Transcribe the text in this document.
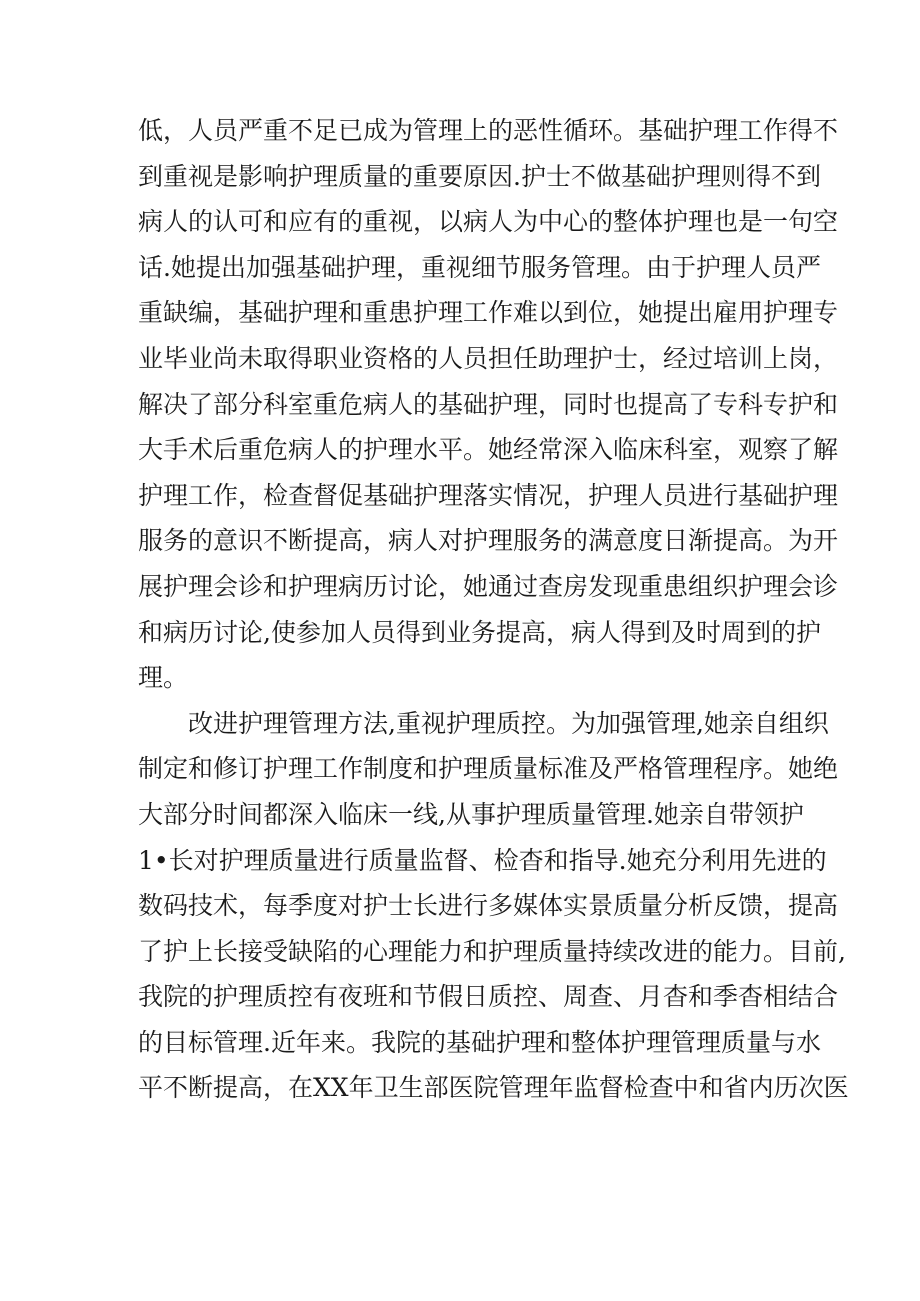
低，人员严重不足已成为管理上的恶性循环。基础护理工作得不
到重视是影响护理质量的重要原因.护士不做基础护理则得不到
病人的认可和应有的重视，以病人为中心的整体护理也是一句空
话.她提出加强基础护理，重视细节服务管理。由于护理人员严
重缺编，基础护理和重患护理工作难以到位，她提出雇用护理专
业毕业尚未取得职业资格的人员担任助理护士，经过培训上岗，
解决了部分科室重危病人的基础护理，同时也提高了专科专护和
大手术后重危病人的护理水平。她经常深入临床科室，观察了解
护理工作，检查督促基础护理落实情况，护理人员进行基础护理
服务的意识不断提高，病人对护理服务的满意度日渐提高。为开
展护理会诊和护理病历讨论，她通过查房发现重患组织护理会诊
和病历讨论,使参加人员得到业务提高，病人得到及时周到的护
理。
改进护理管理方法,重视护理质控。为加强管理,她亲自组织
制定和修订护理工作制度和护理质量标准及严格管理程序。她绝
大部分时间都深入临床一线,从事护理质量管理.她亲自带领护
1•长对护理质量进行质量监督、检杳和指导.她充分利用先进的
数码技术，每季度对护士长进行多媒体实景质量分析反馈，提高
了护上长接受缺陷的心理能力和护理质量持续改进的能力。目前,
我院的护理质控有夜班和节假日质控、周查、月杳和季杳相结合
的目标管理.近年来。我院的基础护理和整体护理管理质量与水
平不断提高，在XX年卫生部医院管理年监督检查中和省内历次医
